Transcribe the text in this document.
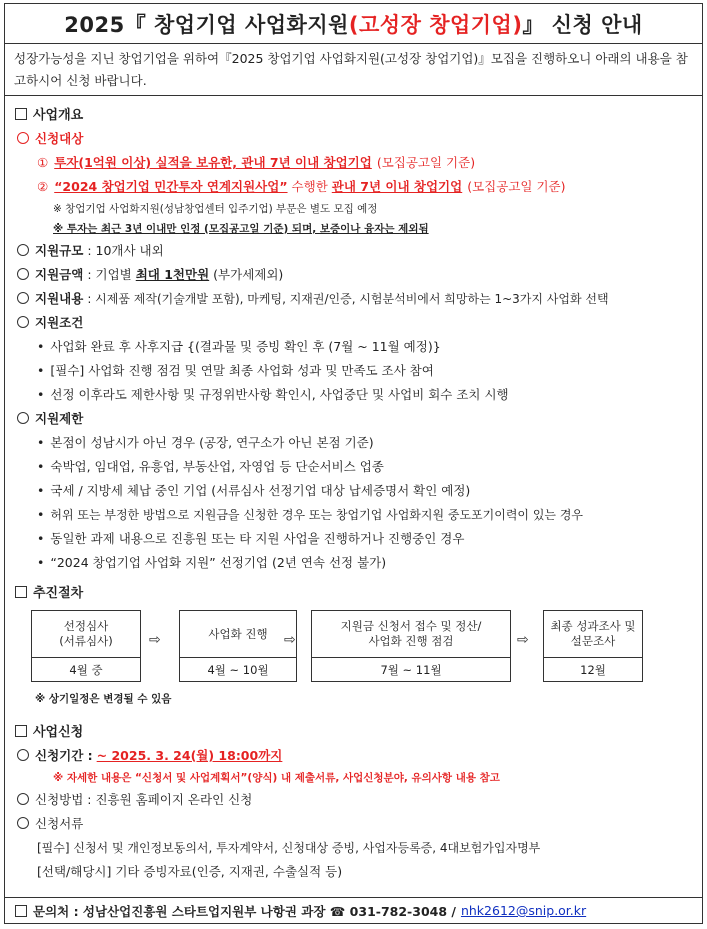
2025『 창업기업 사업화지원 (고성장 창업기업) 』 신청 안내
성장가능성을 지닌 창업기업을 위하여『2025 창업기업 사업화지원(고성장 창업기업)』모집을 진행하오니 아래의 내용을 참고하시어 신청 바랍니다.
사업개요
신청대상
① 투자(1억원 이상) 실적을 보유한, 관내 7년 이내 창업기업 (모집공고일 기준)
② “2024 창업기업 민간투자 연계지원사업” 수행한 관내 7년 이내 창업기업 (모집공고일 기준)
※ 창업기업 사업화지원(성남창업센터 입주기업) 부문은 별도 모집 예정
※ 투자는 최근 3년 이내만 인정 (모집공고일 기준) 되며, 보증이나 융자는 제외됨
지원규모 : 10개사 내외
지원금액 : 기업별 최대 1천만원 (부가세제외)
지원내용 : 시제품 제작(기술개발 포함), 마케팅, 지재권/인증, 시험분석비에서 희망하는 1~3가지 사업화 선택
지원조건
• 사업화 완료 후 사후지급 {(결과물 및 증빙 확인 후 (7월 ~ 11월 예정)}
• [필수] 사업화 진행 점검 및 연말 최종 사업화 성과 및 만족도 조사 참여
• 선정 이후라도 제한사항 및 규정위반사항 확인시, 사업중단 및 사업비 회수 조치 시행
지원제한
• 본점이 성남시가 아닌 경우 (공장, 연구소가 아닌 본점 기준)
• 숙박업, 임대업, 유흥업, 부동산업, 자영업 등 단순서비스 업종
• 국세 / 지방세 체납 중인 기업 (서류심사 선정기업 대상 납세증명서 확인 예정)
• 허위 또는 부정한 방법으로 지원금을 신청한 경우 또는 창업기업 사업화지원 중도포기이력이 있는 경우
• 동일한 과제 내용으로 진흥원 또는 타 지원 사업을 진행하거나 진행중인 경우
• “2024 창업기업 사업화 지원” 선정기업 (2년 연속 선정 불가)
추진절차
선정심사
(서류심사)
4월 중
⇨	사업화 진행
4월 ~ 10월
⇨
지원금 신청서 접수 및 정산/
사업화 진행 점검
7월 ~ 11월
⇨
최종 성과조사 및
설문조사
12월
※ 상기일정은 변경될 수 있음
사업신청
신청기간 : ~ 2025. 3. 24(월) 18:00까지
※ 자세한 내용은 “신청서 및 사업계획서”(양식) 내 제출서류, 사업신청분야, 유의사항 내용 참고
신청방법 : 진흥원 홈페이지 온라인 신청
신청서류
[필수] 신청서 및 개인정보동의서, 투자계약서, 신청대상 증빙, 사업자등록증, 4대보험가입자명부
[선택/해당시] 기타 증빙자료(인증, 지재권, 수출실적 등)
문의처 : 성남산업진흥원 스타트업지원부 나항권 과장 ☎ 031-782-3048 / nhk2612@snip.or.kr
